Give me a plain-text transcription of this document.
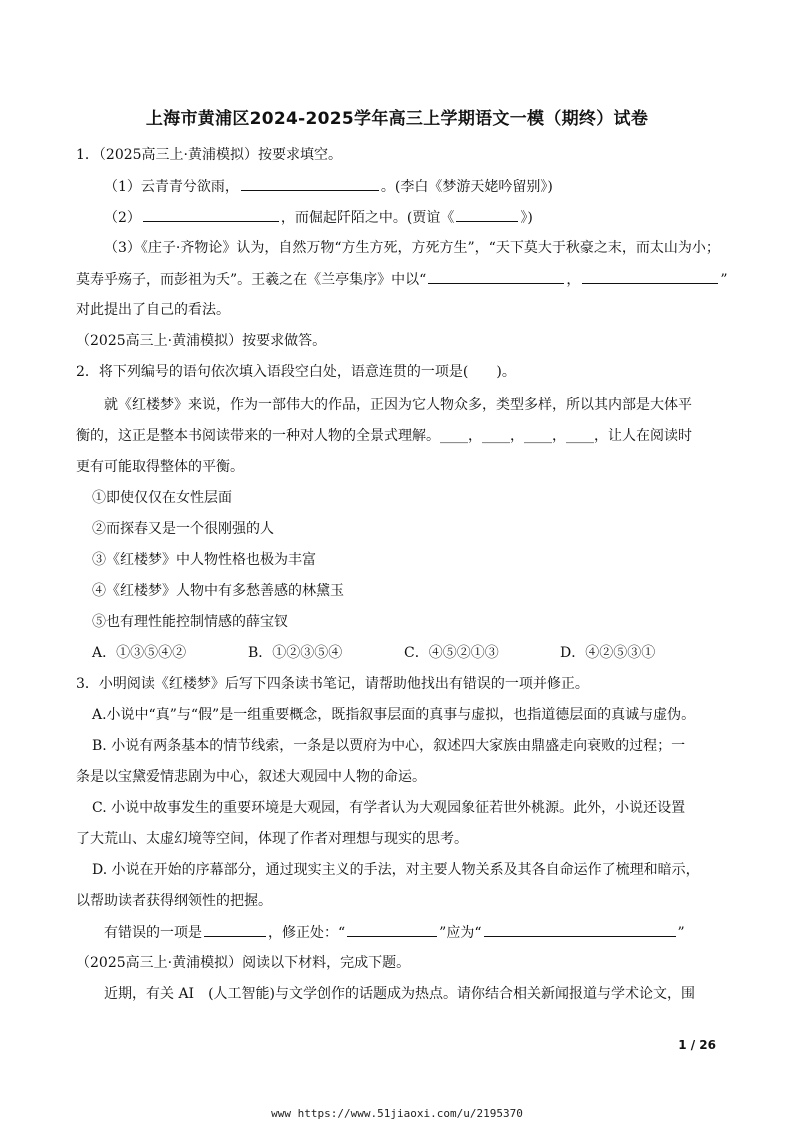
上海市黄浦区2024-2025学年高三上学期语文一模（期终）试卷
1．（2025高三上·黄浦模拟）按要求填空。
（1）云青青兮欲雨，	。(李白《梦游天姥吟留别》)
（2）	，而倔起阡陌之中。(贾谊《	》)
（3）《庄子·齐物论》认为，自然万物“方生方死，方死方生”，“天下莫大于秋豪之末，而太山为小；
莫寿乎殇子，而彭祖为夭”。王羲之在《兰亭集序》中以“	，	”
对此提出了自己的看法。
（2025高三上·黄浦模拟）按要求做答。
2．将下列编号的语句依次填入语段空白处，语意连贯的一项是(　　)。
就《红楼梦》来说，作为一部伟大的作品，正因为它人物众多，类型多样，所以其内部是大体平
衡的，这正是整本书阅读带来的一种对人物的全景式理解。____，____，____，____，让人在阅读时
更有可能取得整体的平衡。
①即使仅仅在女性层面
②而探春又是一个很刚强的人
③《红楼梦》中人物性格也极为丰富
④《红楼梦》人物中有多愁善感的林黛玉
⑤也有理性能控制情感的薛宝钗
A．①③⑤④②	B．①②③⑤④	C．④⑤②①③	D．④②⑤③①
3．小明阅读《红楼梦》后写下四条读书笔记，请帮助他找出有错误的一项并修正。
A.小说中“真”与“假”是一组重要概念，既指叙事层面的真事与虚拟，也指道德层面的真诚与虚伪。
B. 小说有两条基本的情节线索，一条是以贾府为中心，叙述四大家族由鼎盛走向衰败的过程；一
条是以宝黛爱情悲剧为中心，叙述大观园中人物的命运。
C. 小说中故事发生的重要环境是大观园，有学者认为大观园象征若世外桃源。此外，小说还设置
了大荒山、太虚幻境等空间，体现了作者对理想与现实的思考。
D. 小说在开始的序幕部分，通过现实主义的手法，对主要人物关系及其各自命运作了梳理和暗示，
以帮助读者获得纲领性的把握。
有错误的一项是	，修正处：“	”应为“	”
（2025高三上·黄浦模拟）阅读以下材料，完成下题。
近期，有关 AI　(人工智能)与文学创作的话题成为热点。请你结合相关新闻报道与学术论文，围
1 / 26
www https://www.51jiaoxi.com/u/2195370
